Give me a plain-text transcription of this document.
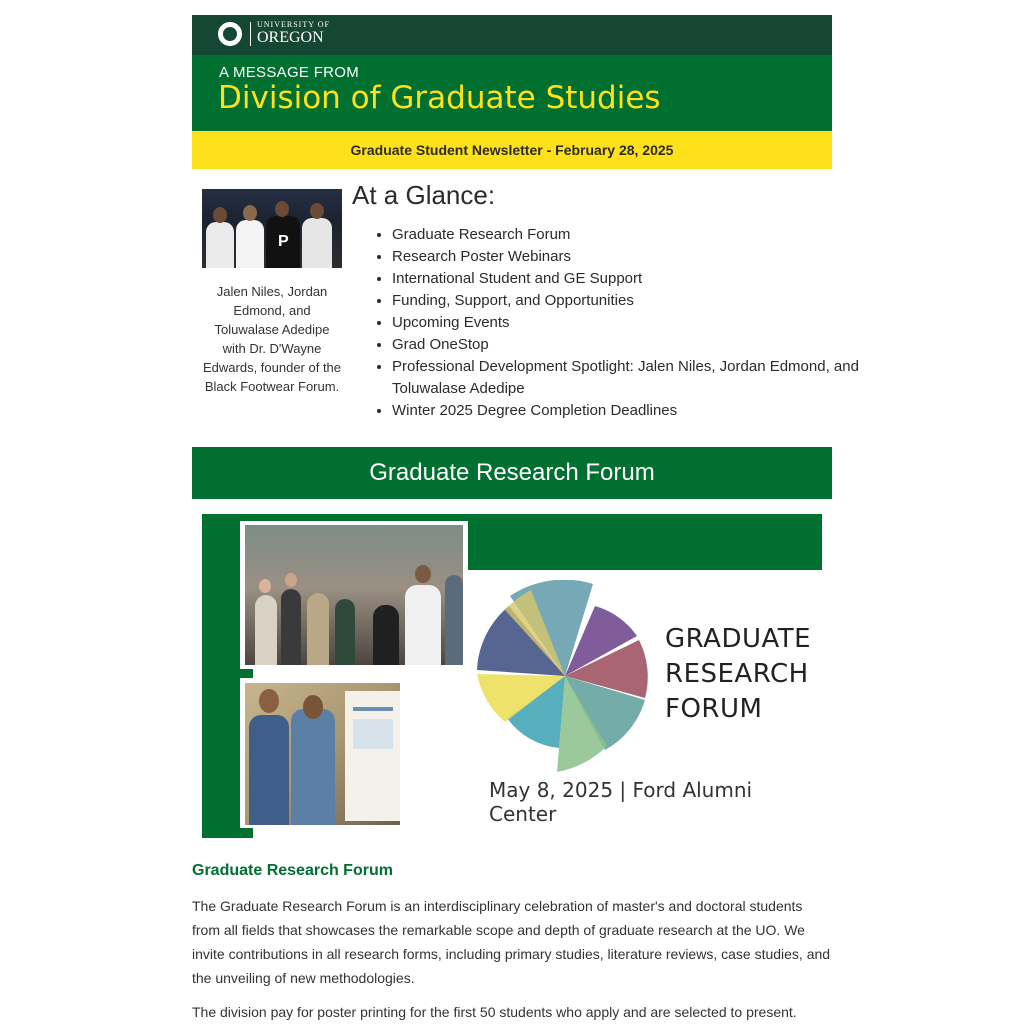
UNIVERSITY OF
OREGON
A MESSAGE FROM
Division of Graduate Studies
Graduate Student Newsletter - February 28, 2025
P
Jalen Niles, Jordan Edmond, and Toluwalase Adedipe with Dr. D'Wayne Edwards, founder of the Black Footwear Forum.
At a Glance:
• Graduate Research Forum
• Research Poster Webinars
• International Student and GE Support
• Funding, Support, and Opportunities
• Upcoming Events
• Grad OneStop
• Professional Development Spotlight: Jalen Niles, Jordan Edmond, and Toluwalase Adedipe
• Winter 2025 Degree Completion Deadlines
Graduate Research Forum
GRADUATE
RESEARCH
FORUM
May 8, 2025 | Ford Alumni Center
Graduate Research Forum

The Graduate Research Forum is an interdisciplinary celebration of master's and doctoral students from all fields that showcases the remarkable scope and depth of graduate research at the UO. We invite contributions in all research forms, including primary studies, literature reviews, case studies, and the unveiling of new methodologies.

The division pay for poster printing for the first 50 students who apply and are selected to present.
